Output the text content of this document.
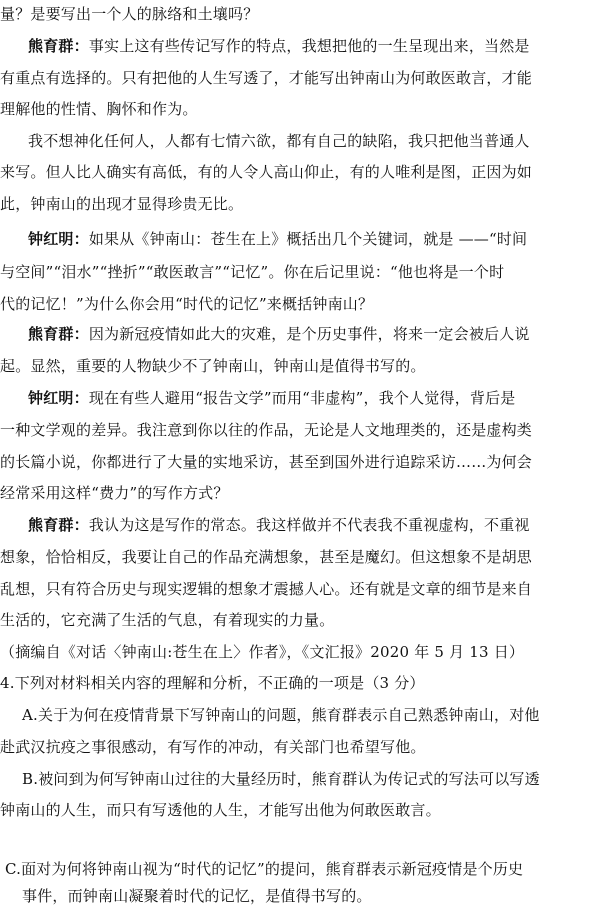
量？是要写出一个人的脉络和土壤吗？
熊育群：事实上这有些传记写作的特点，我想把他的一生呈现出来，当然是
有重点有选择的。只有把他的人生写透了，才能写出钟南山为何敢医敢言，才能
理解他的性情、胸怀和作为。
我不想神化任何人，人都有七情六欲，都有自己的缺陷，我只把他当普通人
来写。但人比人确实有高低，有的人令人高山仰止，有的人唯利是图，正因为如
此，钟南山的出现才显得珍贵无比。
钟红明：如果从《钟南山：苍生在上》概括出几个关键词，就是 ——“时间
与空间”“泪水”“挫折”“敢医敢言”“记忆”。你在后记里说：“他也将是一个时
代的记忆！”为什么你会用“时代的记忆”来概括钟南山？
熊育群：因为新冠疫情如此大的灾难，是个历史事件，将来一定会被后人说
起。显然，重要的人物缺少不了钟南山，钟南山是值得书写的。
钟红明：现在有些人避用“报告文学”而用“非虚构”，我个人觉得，背后是
一种文学观的差异。我注意到你以往的作品，无论是人文地理类的，还是虚构类
的长篇小说，你都进行了大量的实地采访，甚至到国外进行追踪采访……为何会
经常采用这样“费力”的写作方式？
熊育群：我认为这是写作的常态。我这样做并不代表我不重视虚构，不重视
想象，恰恰相反，我要让自己的作品充满想象，甚至是魔幻。但这想象不是胡思
乱想，只有符合历史与现实逻辑的想象才震撼人心。还有就是文章的细节是来自
生活的，它充满了生活的气息，有着现实的力量。
（摘编自《对话〈钟南山:苍生在上〉作者》，《文汇报》2020 年 5 月 13 日）
4.下列对材料相关内容的理解和分析，不正确的一项是（3 分）
A.关于为何在疫情背景下写钟南山的问题，熊育群表示自己熟悉钟南山，对他
赴武汉抗疫之事很感动，有写作的冲动，有关部门也希望写他。
B.被问到为何写钟南山过往的大量经历时，熊育群认为传记式的写法可以写透
钟南山的人生，而只有写透他的人生，才能写出他为何敢医敢言。
C.面对为何将钟南山视为“时代的记忆”的提问，熊育群表示新冠疫情是个历史
事件，而钟南山凝聚着时代的记忆，是值得书写的。
